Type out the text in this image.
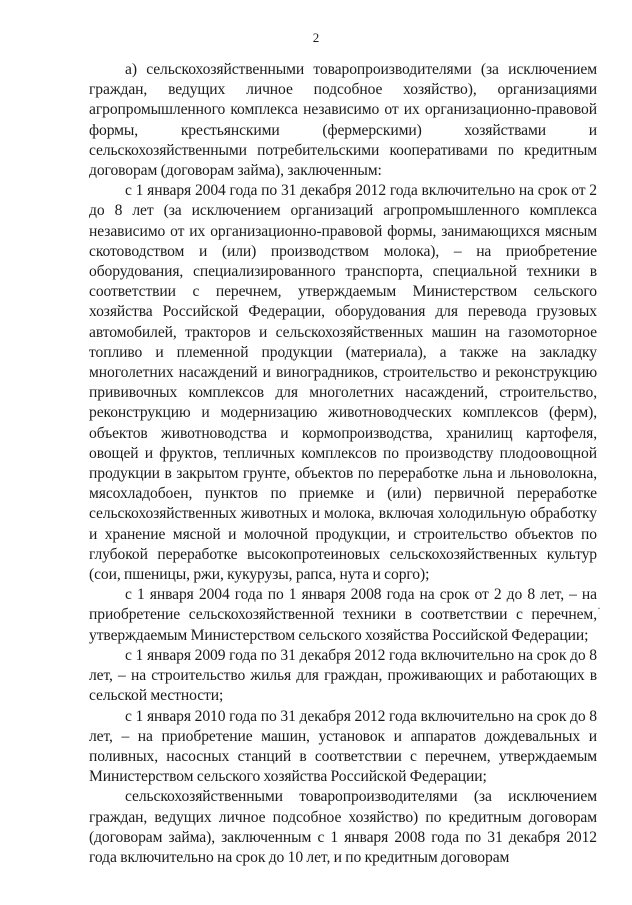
2

а) сельскохозяйственными товаропроизводителями (за исключением граждан, ведущих личное подсобное хозяйство), организациями агропромышленного комплекса независимо от их организационно-правовой формы, крестьянскими (фермерскими) хозяйствами и сельскохозяйственными потребительскими кооперативами по кредитным договорам (договорам займа), заключенным:

с 1 января 2004 года по 31 декабря 2012 года включительно на срок от 2 до 8 лет (за исключением организаций агропромышленного комплекса независимо от их организационно-правовой формы, занимающихся мясным скотоводством и (или) производством молока), – на приобретение оборудования, специализированного транспорта, специальной техники в соответствии с перечнем, утверждаемым Министерством сельского хозяйства Российской Федерации, оборудования для перевода грузовых автомобилей, тракторов и сельскохозяйственных машин на газомоторное топливо и племенной продукции (материала), а также на закладку многолетних насаждений и виноградников, строительство и реконструкцию прививочных комплексов для многолетних насаждений, строительство, реконструкцию и модернизацию животноводческих комплексов (ферм), объектов животноводства и кормопроизводства, хранилищ картофеля, овощей и фруктов, тепличных комплексов по производству плодоовощной продукции в закрытом грунте, объектов по переработке льна и льноволокна, мясохладобоен, пунктов по приемке и (или) первичной переработке сельскохозяйственных животных и молока, включая холодильную обработку и хранение мясной и молочной продукции, и строительство объектов по глубокой переработке высокопротеиновых сельскохозяйственных культур (сои, пшеницы, ржи, кукурузы, рапса, нута и сорго);

с 1 января 2004 года по 1 января 2008 года на срок от 2 до 8 лет, – на приобретение сельскохозяйственной техники в соответствии с перечнем, утверждаемым Министерством сельского хозяйства Российской Федерации;

с 1 января 2009 года по 31 декабря 2012 года включительно на срок до 8 лет, – на строительство жилья для граждан, проживающих и работающих в сельской местности;

с 1 января 2010 года по 31 декабря 2012 года включительно на срок до 8 лет, – на приобретение машин, установок и аппаратов дождевальных и поливных, насосных станций в соответствии с перечнем, утверждаемым Министерством сельского хозяйства Российской Федерации;

сельскохозяйственными товаропроизводителями (за исключением граждан, ведущих личное подсобное хозяйство) по кредитным договорам (договорам займа), заключенным с 1 января 2008 года по 31 декабря 2012 года включительно на срок до 10 лет, и по кредитным договорам

·
